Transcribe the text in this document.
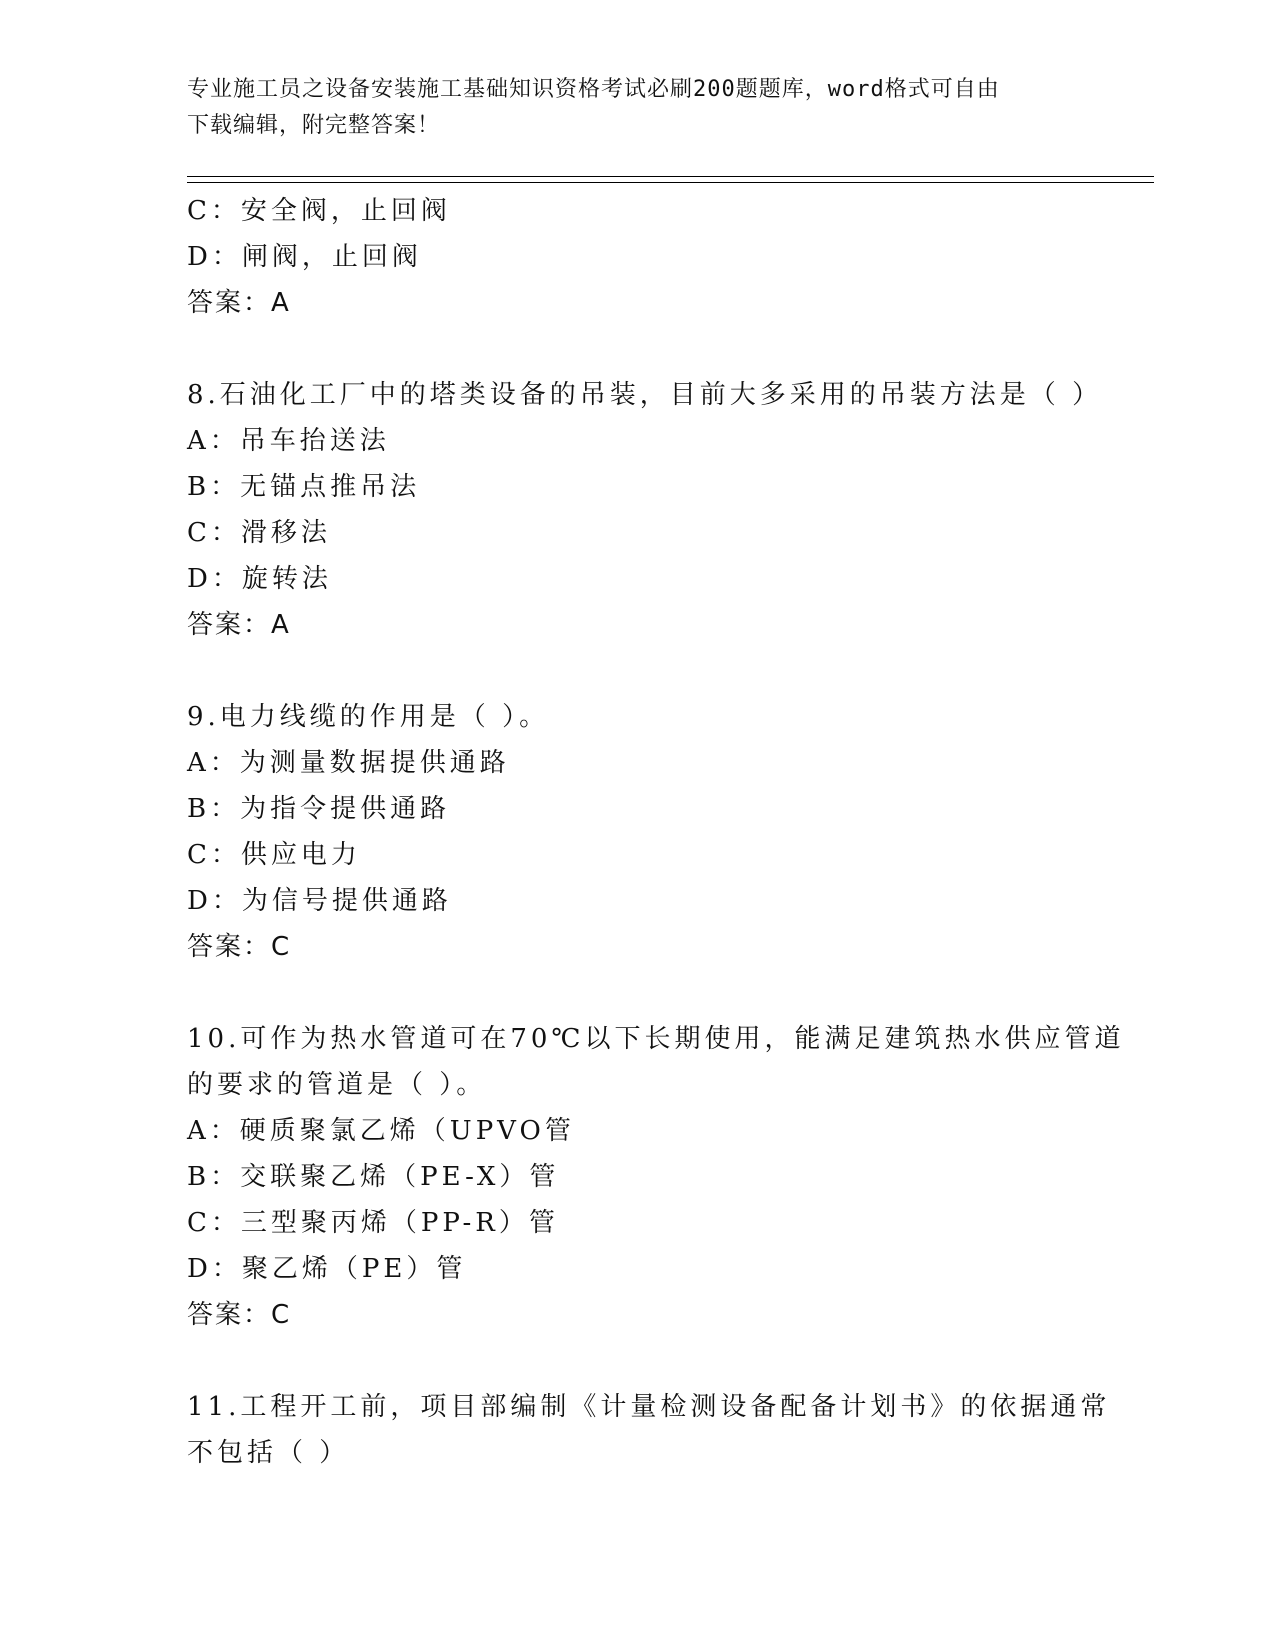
专业施工员之设备安装施工基础知识资格考试必刷200题题库，word格式可自由
下载编辑，附完整答案！
C：安全阀，止回阀
D：闸阀，止回阀
答案：A
8.石油化工厂中的塔类设备的吊装，目前大多采用的吊装方法是（ ）
A：吊车抬送法
B：无锚点推吊法
C：滑移法
D：旋转法
答案：A
9.电力线缆的作用是（ ）。
A：为测量数据提供通路
B：为指令提供通路
C：供应电力
D：为信号提供通路
答案：C
10.可作为热水管道可在70℃以下长期使用，能满足建筑热水供应管道
的要求的管道是（ ）。
A：硬质聚氯乙烯（UPVO管
B：交联聚乙烯（PE-X）管
C：三型聚丙烯（PP-R）管
D：聚乙烯（PE）管
答案：C
11.工程开工前，项目部编制《计量检测设备配备计划书》的依据通常
不包括（ ）
